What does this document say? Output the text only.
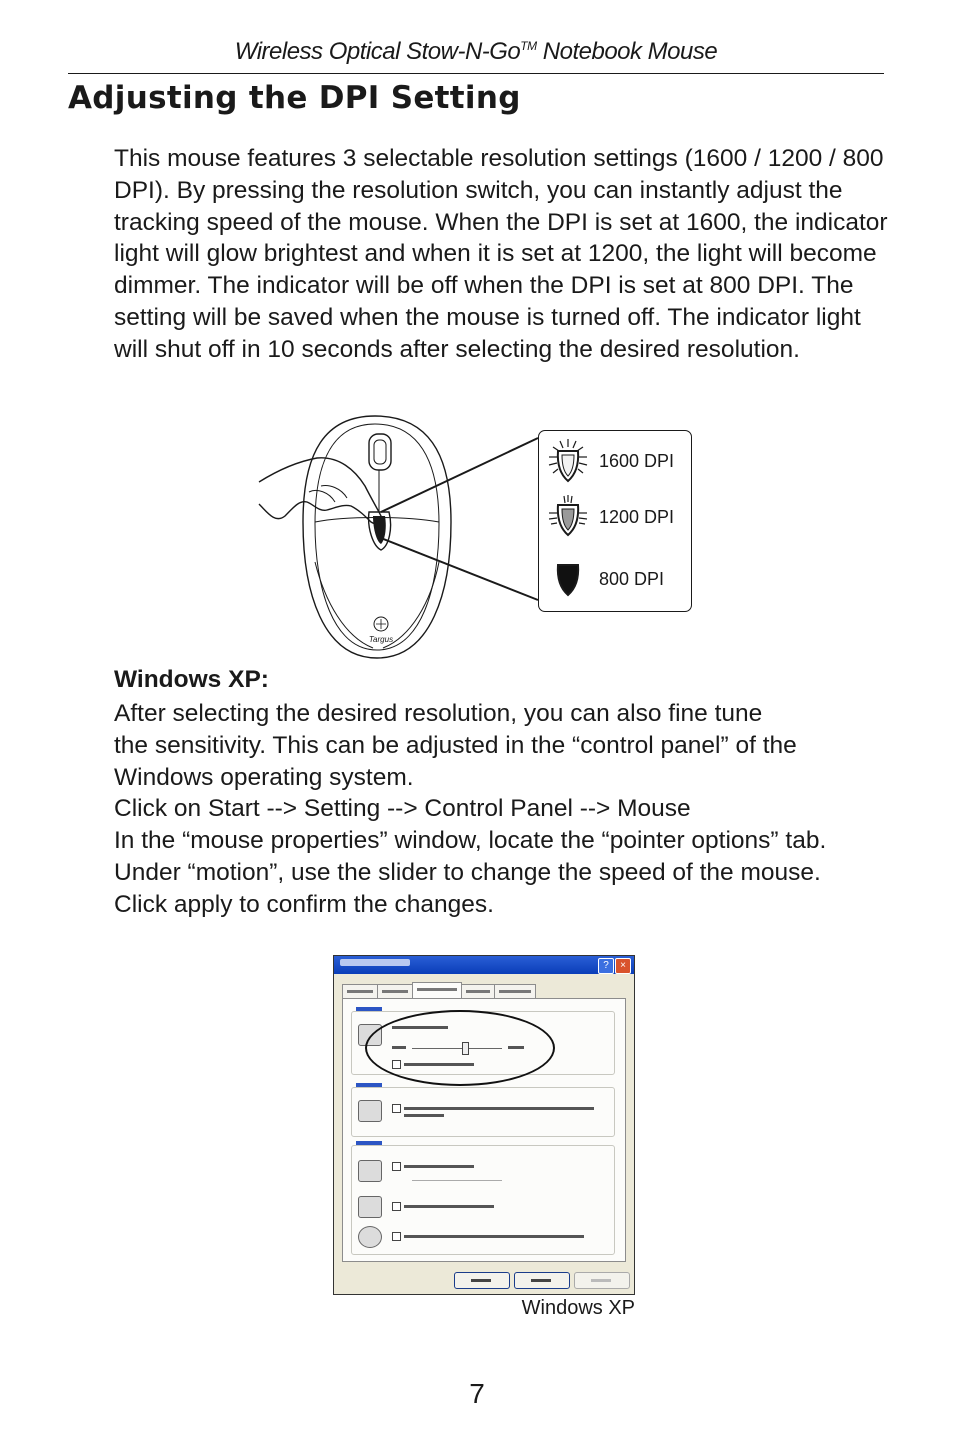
Wireless Optical Stow-N-Go™ Notebook Mouse
Adjusting the DPI Setting

This mouse features 3 selectable resolution settings (1600 / 1200 / 800 DPI). By pressing the resolution switch, you can instantly adjust the tracking speed of the mouse. When the DPI is set at 1600, the indicator light will glow brightest and when it is set at 1200, the light will become dimmer. The indicator will be off when the DPI is set at 800 DPI. The setting will be saved when the mouse is turned off. The indicator light will shut off in 10 seconds after selecting the desired resolution.

Targus
1600 DPI
1200 DPI
800 DPI

Windows XP:

After selecting the desired resolution, you can also fine tune
the sensitivity. This can be adjusted in the “control panel” of the
Windows operating system.
Click on Start --> Setting --> Control Panel --> Mouse
In the “mouse properties” window, locate the “pointer options” tab.
Under “motion”, use the slider to change the speed of the mouse.
Click apply to confirm the changes.

?	×
Windows XP
7
